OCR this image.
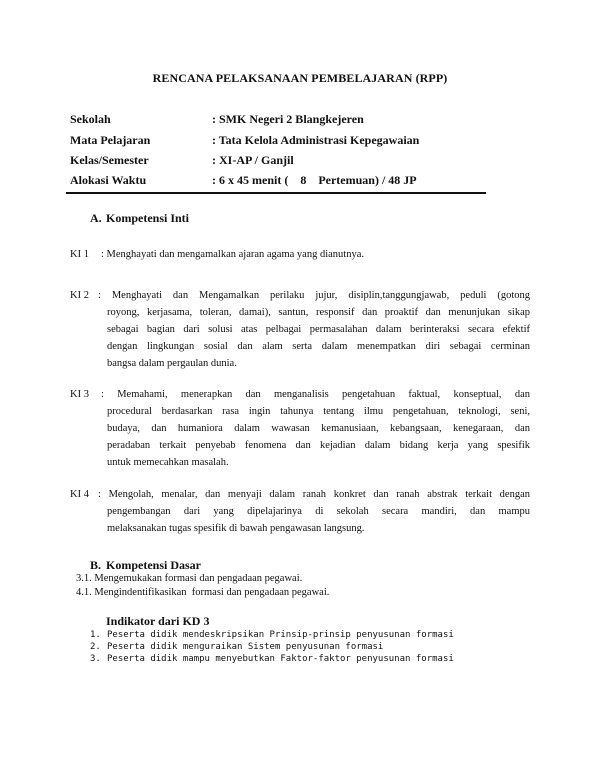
RENCANA PELAKSANAAN PEMBELAJARAN (RPP)
Sekolah	: SMK Negeri 2 Blangkejeren
Mata Pelajaran	: Tata Kelola Administrasi Kepegawaian
Kelas/Semester	: XI-AP / Ganjil
Alokasi Waktu	: 6 x 45 menit (    8    Pertemuan) / 48 JP
A. Kompetensi Inti
KI 1 : Menghayati dan mengamalkan ajaran agama yang dianutnya.
KI 2 : Menghayati dan Mengamalkan perilaku jujur, disiplin,tanggungjawab, peduli (gotong
royong, kerjasama, toleran, damai), santun, responsif dan proaktif dan menunjukan sikap
sebagai bagian dari solusi atas pelbagai permasalahan dalam berinteraksi secara efektif
dengan lingkungan sosial dan alam serta dalam menempatkan diri sebagai cerminan
bangsa dalam pergaulan dunia.
KI 3 : Memahami, menerapkan dan menganalisis pengetahuan faktual, konseptual, dan
procedural berdasarkan rasa ingin tahunya tentang ilmu pengetahuan, teknologi, seni,
budaya, dan humaniora dalam wawasan kemanusiaan, kebangsaan, kenegaraan, dan
peradaban terkait penyebab fenomena dan kejadian dalam bidang kerja yang spesifik
untuk memecahkan masalah.
KI 4 : Mengolah, menalar, dan menyaji dalam ranah konkret dan ranah abstrak terkait dengan
pengembangan dari yang dipelajarinya di sekolah secara mandiri, dan mampu
melaksanakan tugas spesifik di bawah pengawasan langsung.
B. Kompetensi Dasar
3.1. Mengemukakan formasi dan pengadaan pegawai.
4.1. Mengindentifikasikan  formasi dan pengadaan pegawai.
Indikator dari KD 3
1. Peserta didik mendeskripsikan Prinsip-prinsip penyusunan formasi
2. Peserta didik menguraikan Sistem penyusunan formasi
3. Peserta didik mampu menyebutkan Faktor-faktor penyusunan formasi
